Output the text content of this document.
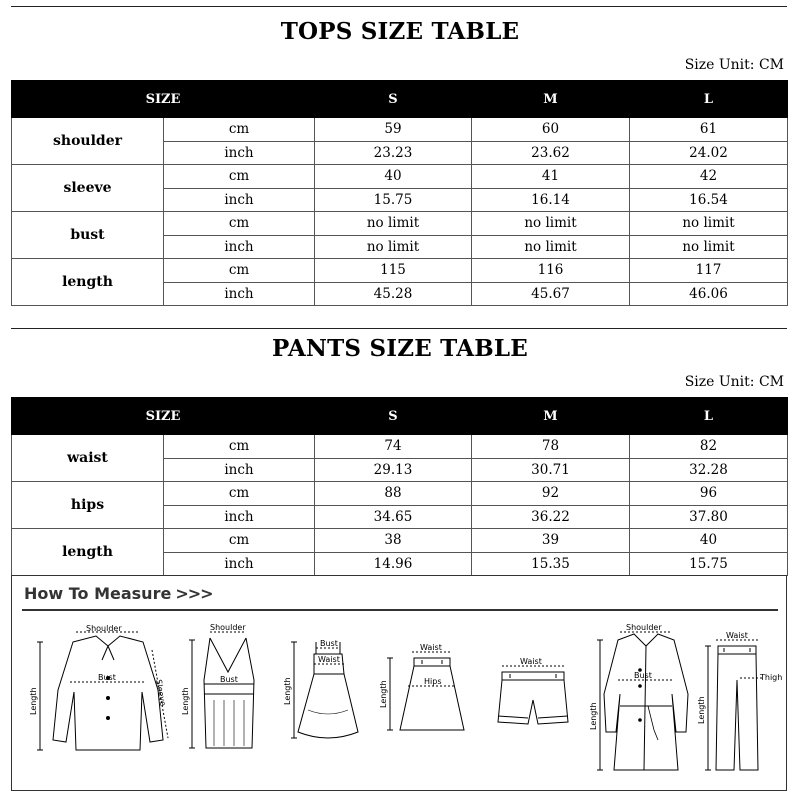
TOPS SIZE TABLE
Size Unit: CM
SIZE		S	M	L
shoulder	cm	59	60	61
	inch	23.23	23.62	24.02
sleeve	cm	40	41	42
	inch	15.75	16.14	16.54
bust	cm	no limit	no limit	no limit
	inch	no limit	no limit	no limit
length	cm	115	116	117
	inch	45.28	45.67	46.06
PANTS SIZE TABLE
Size Unit: CM
SIZE		S	M	L
waist	cm	74	78	82
	inch	29.13	30.71	32.28
hips	cm	88	92	96
	inch	34.65	36.22	37.80
length	cm	38	39	40
	inch	14.96	15.35	15.75
How To Measure >>>
Shoulder
Bust
Length	Sleeve
Shoulder
Bust
Length
Bust
Waist
Length
Waist
Hips
Length
Waist
Shoulder
Bust
Length
Waist
Thigh
Length
